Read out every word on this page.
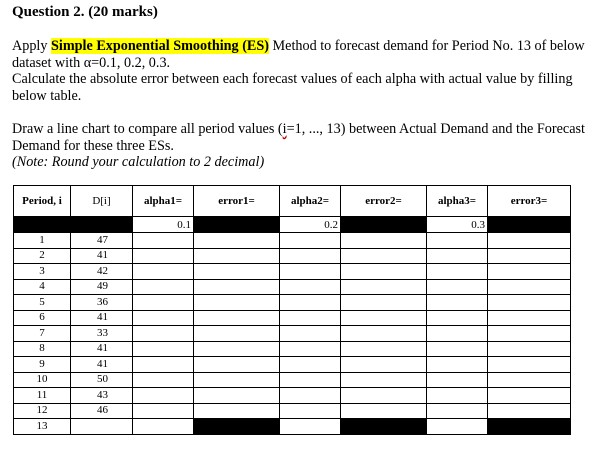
Question 2. (20 marks)
Apply Simple Exponential Smoothing (ES) Method to forecast demand for Period No. 13 of below dataset with α=0.1, 0.2, 0.3.
Calculate the absolute error between each forecast values of each alpha with actual value by filling below table.
Draw a line chart to compare all period values (i=1, ..., 13) between Actual Demand and the Forecast Demand for these three ESs.
(Note: Round your calculation to 2 decimal)
Period, i	D[i]	alpha1=	error1=	alpha2=	error2=	alpha3=	error3=
		0.1		0.2		0.3	
1	47						
2	41						
3	42						
4	49						
5	36						
6	41						
7	33						
8	41						
9	41						
10	50						
11	43						
12	46						
13							
